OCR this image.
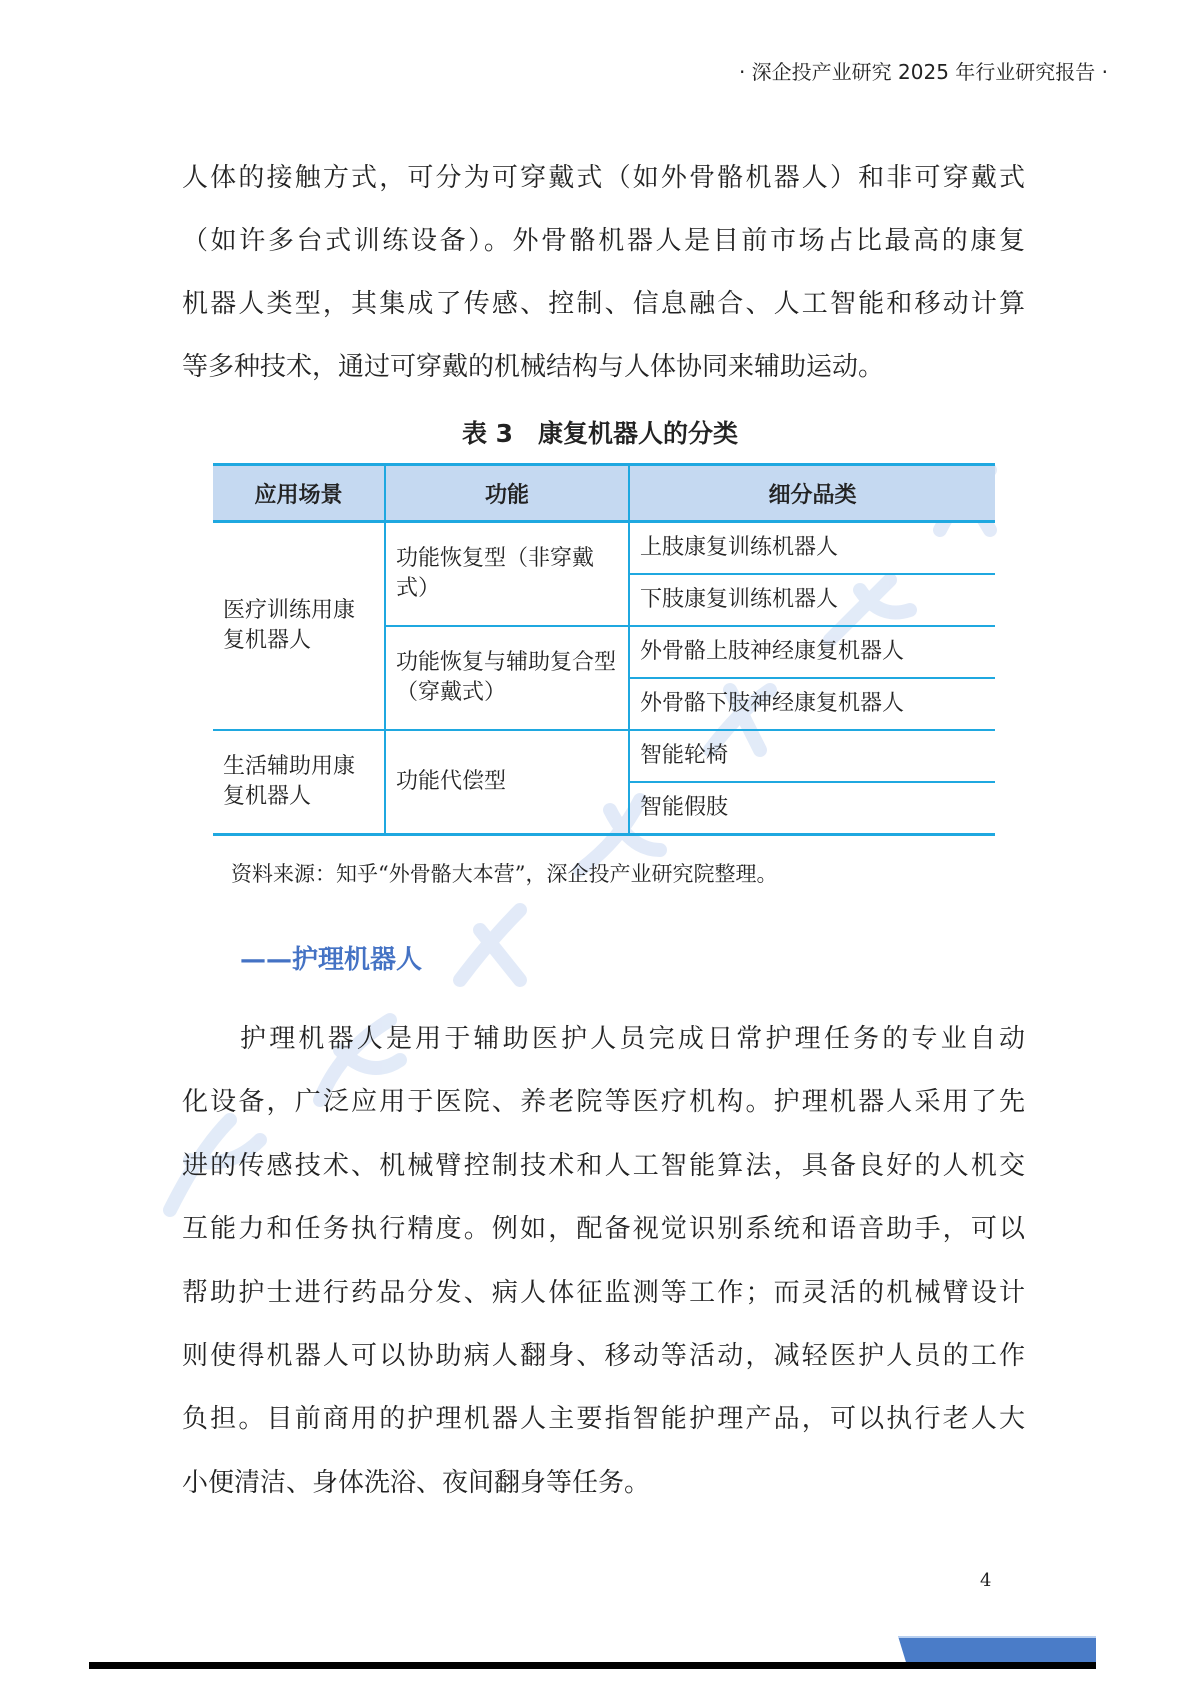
· 深企投产业研究 2025 年行业研究报告 ·
人体的接触方式，可分为可穿戴式（如外骨骼机器人）和非可穿戴式
（如许多台式训练设备）。外骨骼机器人是目前市场占比最高的康复
机器人类型，其集成了传感、控制、信息融合、人工智能和移动计算
等多种技术，通过可穿戴的机械结构与人体协同来辅助运动。
表 3　康复机器人的分类
应用场景	功能	细分品类
医疗训练用康复机器人	功能恢复型（非穿戴式）	上肢康复训练机器人
		下肢康复训练机器人
	功能恢复与辅助复合型（穿戴式）	外骨骼上肢神经康复机器人
		外骨骼下肢神经康复机器人
生活辅助用康复机器人	功能代偿型	智能轮椅
		智能假肢
资料来源：知乎“外骨骼大本营”，深企投产业研究院整理。
——护理机器人
护理机器人是用于辅助医护人员完成日常护理任务的专业自动
化设备，广泛应用于医院、养老院等医疗机构。护理机器人采用了先
进的传感技术、机械臂控制技术和人工智能算法，具备良好的人机交
互能力和任务执行精度。例如，配备视觉识别系统和语音助手，可以
帮助护士进行药品分发、病人体征监测等工作；而灵活的机械臂设计
则使得机器人可以协助病人翻身、移动等活动，减轻医护人员的工作
负担。目前商用的护理机器人主要指智能护理产品，可以执行老人大
小便清洁、身体洗浴、夜间翻身等任务。
4
